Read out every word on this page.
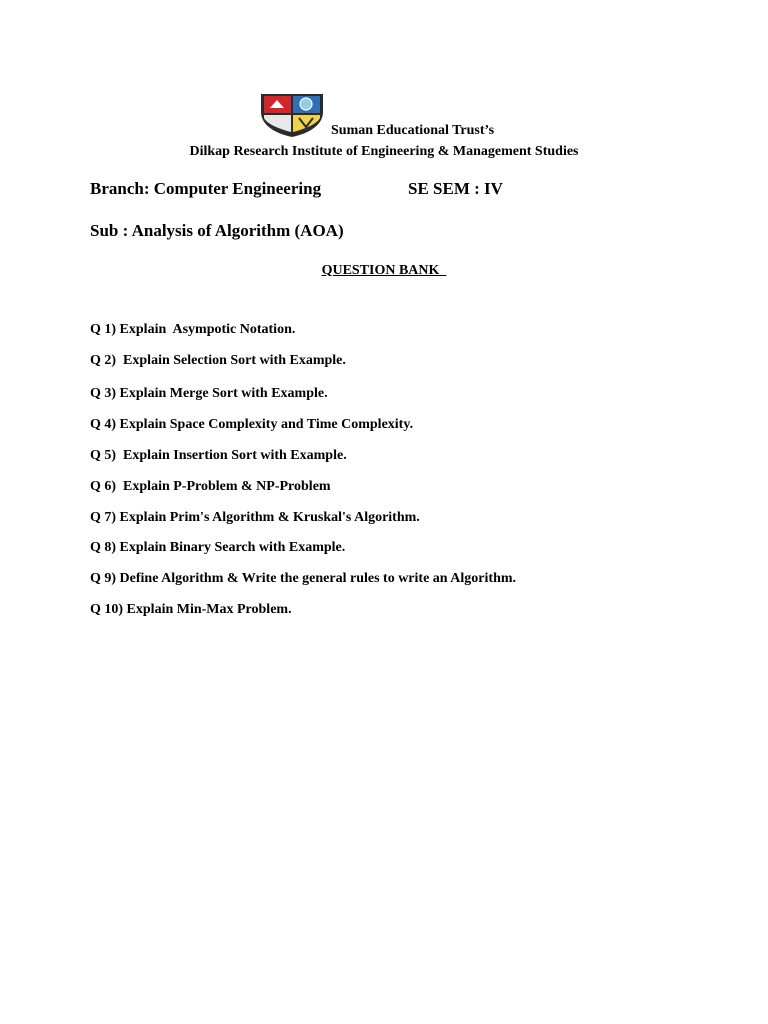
Suman Educational Trust’s
Dilkap Research Institute of Engineering & Management Studies
Branch: Computer Engineering	SE SEM : IV
Sub : Analysis of Algorithm (AOA)
QUESTION BANK
Q 1) Explain  Asympotic Notation.
Q 2)  Explain Selection Sort with Example.
Q 3) Explain Merge Sort with Example.
Q 4) Explain Space Complexity and Time Complexity.
Q 5)  Explain Insertion Sort with Example.
Q 6)  Explain P-Problem & NP-Problem
Q 7) Explain Prim's Algorithm & Kruskal's Algorithm.
Q 8) Explain Binary Search with Example.
Q 9) Define Algorithm & Write the general rules to write an Algorithm.
Q 10) Explain Min-Max Problem.
